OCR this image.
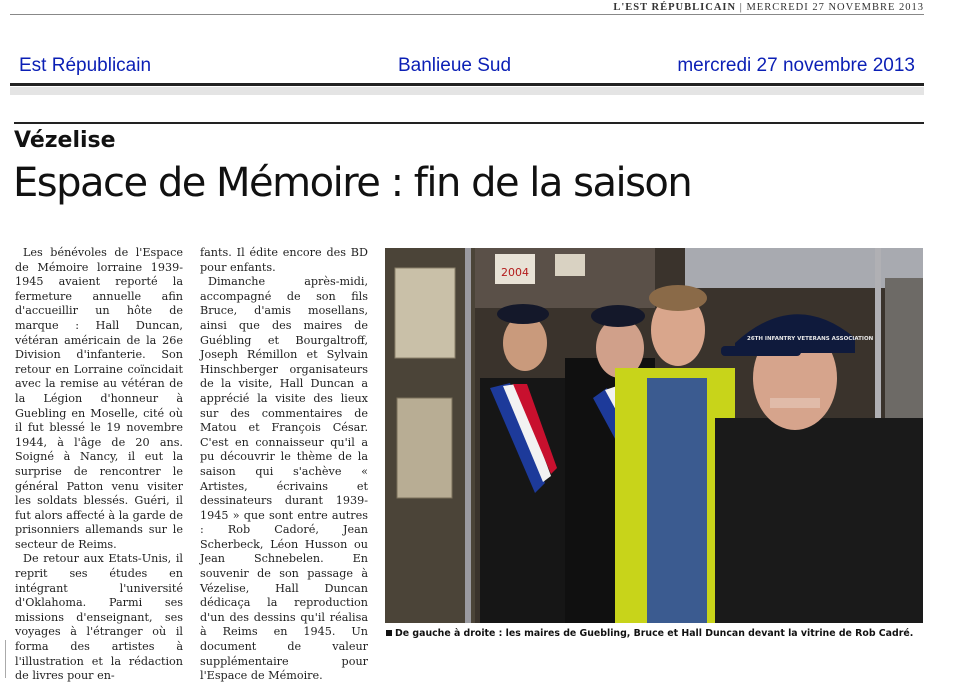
L'EST RÉPUBLICAIN | MERCREDI 27 NOVEMBRE 2013
Est Républicain	Banlieue Sud	mercredi 27 novembre 2013
Vézelise
Espace de Mémoire : fin de la saison

Les bénévoles de l'Espace de Mémoire lorraine 1939-1945 avaient reporté la fermeture annuelle afin d'accueillir un hôte de marque : Hall Duncan, vétéran américain de la 26e Division d'infanterie. Son retour en Lorraine coïncidait avec la remise au vétéran de la Légion d'honneur à Guebling en Moselle, cité où il fut blessé le 19 novembre 1944, à l'âge de 20 ans. Soigné à Nancy, il eut la surprise de rencontrer le général Patton venu visiter les soldats blessés. Guéri, il fut alors affecté à la garde de prisonniers allemands sur le secteur de Reims.

De retour aux Etats-Unis, il reprit ses études en intégrant l'université d'Oklahoma. Parmi ses missions d'enseignant, ses voyages à l'étranger où il forma des artistes à l'illustration et la rédaction de livres pour en-

fants. Il édite encore des BD pour enfants.

Dimanche après-midi, accompagné de son fils Bruce, d'amis mosellans, ainsi que des maires de Guébling et Bourgaltroff, Joseph Rémillon et Sylvain Hinschberger organisateurs de la visite, Hall Duncan a apprécié la visite des lieux sur des commentaires de Matou et François César. C'est en connaisseur qu'il a pu découvrir le thème de la saison qui s'achève « Artistes, écrivains et dessinateurs durant 1939-1945 » que sont entre autres : Rob Cadoré, Jean Scherbeck, Léon Husson ou Jean Schnebelen. En souvenir de son passage à Vézelise, Hall Duncan dédicaça la reproduction d'un des dessins qu'il réalisa à Reims en 1945. Un document de valeur supplémentaire pour l'Espace de Mémoire.

2004
26TH INFANTRY VETERANS ASSOCIATION
De gauche à droite : les maires de Guebling, Bruce et Hall Duncan devant la vitrine de Rob Cadré.
